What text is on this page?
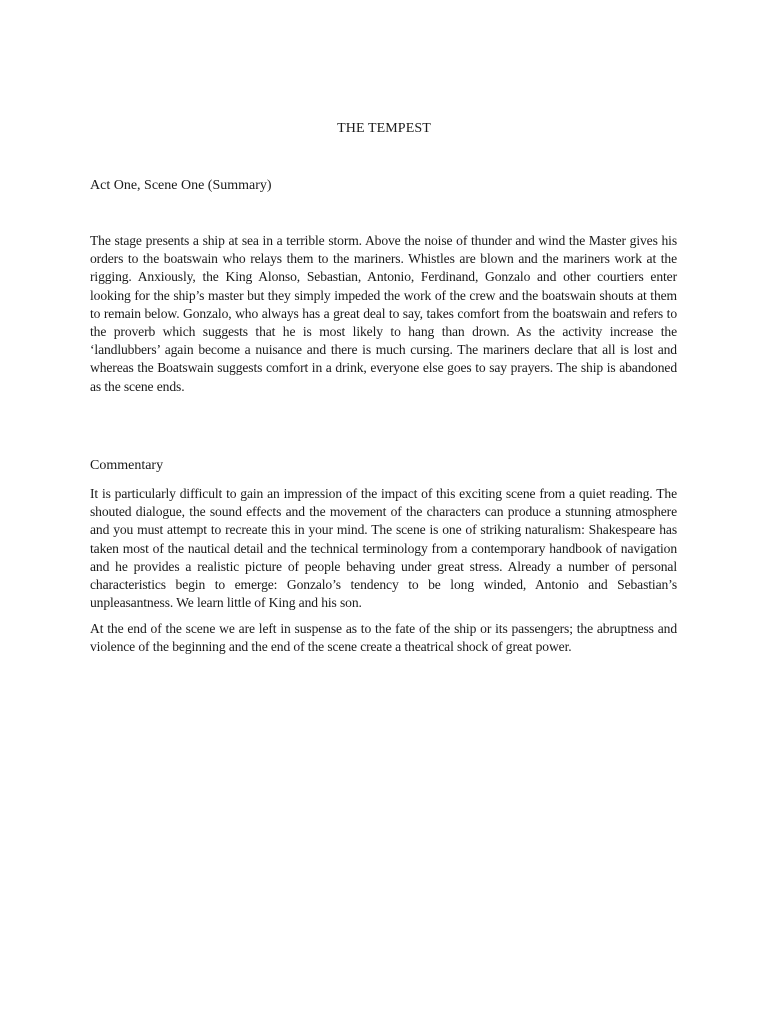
THE TEMPEST
Act One, Scene One (Summary)

The stage presents a ship at sea in a terrible storm. Above the noise of thunder and wind the Master gives his orders to the boatswain who relays them to the mariners. Whistles are blown and the mariners work at the rigging. Anxiously, the King Alonso, Sebastian, Antonio, Ferdinand, Gonzalo and other courtiers enter looking for the ship’s master but they simply impeded the work of the crew and the boatswain shouts at them to remain below. Gonzalo, who always has a great deal to say, takes comfort from the boatswain and refers to the proverb which suggests that he is most likely to hang than drown. As the activity increase the ‘landlubbers’ again become a nuisance and there is much cursing. The mariners declare that all is lost and whereas the Boatswain suggests comfort in a drink, everyone else goes to say prayers. The ship is abandoned as the scene ends.

Commentary

It is particularly difficult to gain an impression of the impact of this exciting scene from a quiet reading. The shouted dialogue, the sound effects and the movement of the characters can produce a stunning atmosphere and you must attempt to recreate this in your mind. The scene is one of striking naturalism: Shakespeare has taken most of the nautical detail and the technical terminology from a contemporary handbook of navigation and he provides a realistic picture of people behaving under great stress. Already a number of personal characteristics begin to emerge: Gonzalo’s tendency to be long winded, Antonio and Sebastian’s unpleasantness. We learn little of King and his son.

At the end of the scene we are left in suspense as to the fate of the ship or its passengers; the abruptness and violence of the beginning and the end of the scene create a theatrical shock of great power.
